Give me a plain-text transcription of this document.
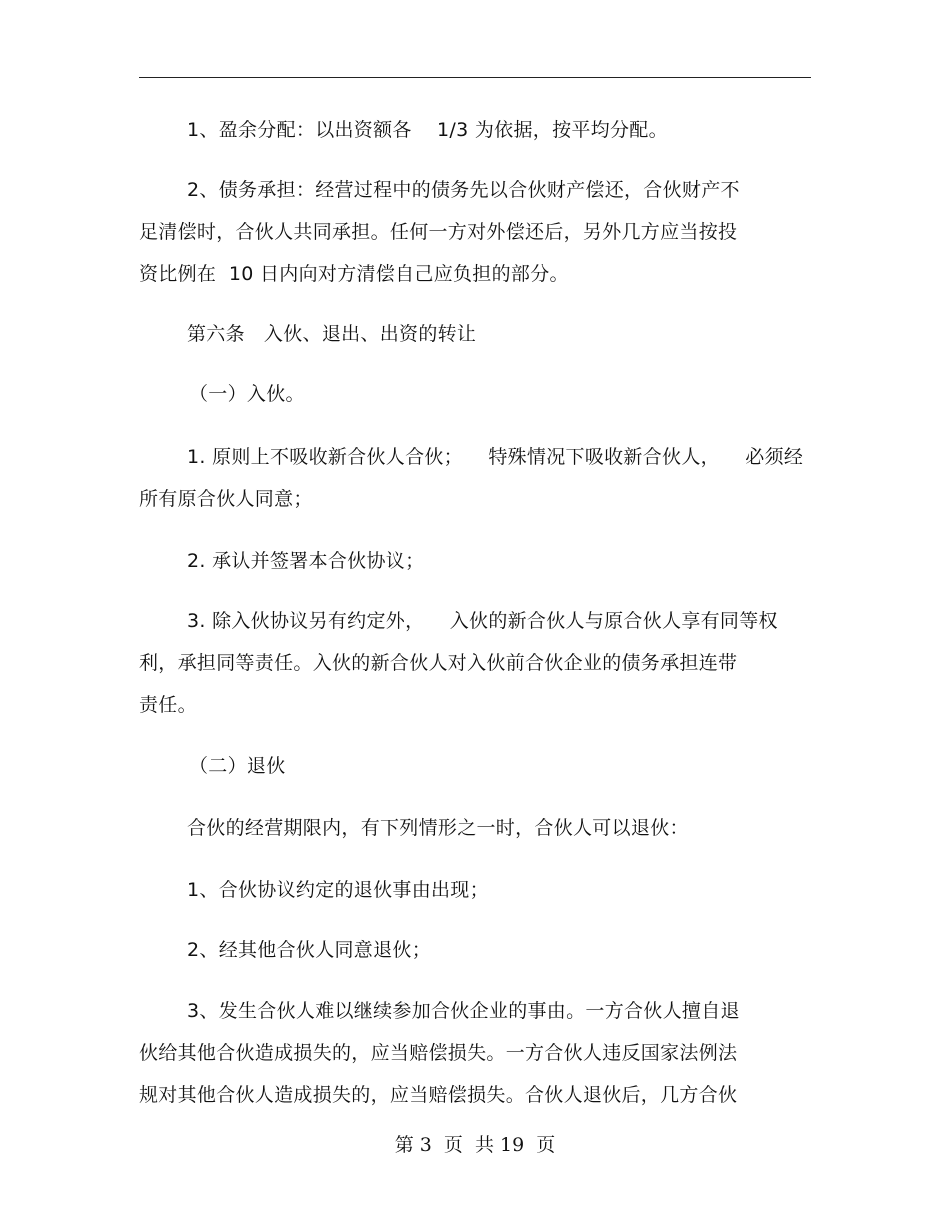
1、盈余分配：以出资额各    1/3 为依据，按平均分配。
2、债务承担：经营过程中的债务先以合伙财产偿还，合伙财产不
足清偿时，合伙人共同承担。任何一方对外偿还后，另外几方应当按投
资比例在  10 日内向对方清偿自己应负担的部分。
第六条   入伙、退出、出资的转让
（一）入伙。
1. 原则上不吸收新合伙人合伙；    特殊情况下吸收新合伙人，    必须经
所有原合伙人同意；
2. 承认并签署本合伙协议；
3. 除入伙协议另有约定外，    入伙的新合伙人与原合伙人享有同等权
利，承担同等责任。入伙的新合伙人对入伙前合伙企业的债务承担连带
责任。
（二）退伙
合伙的经营期限内，有下列情形之一时，合伙人可以退伙：
1、合伙协议约定的退伙事由出现；
2、经其他合伙人同意退伙；
3、发生合伙人难以继续参加合伙企业的事由。一方合伙人擅自退
伙给其他合伙造成损失的，应当赔偿损失。一方合伙人违反国家法例法
规对其他合伙人造成损失的，应当赔偿损失。合伙人退伙后，几方合伙
第 3  页  共 19  页
